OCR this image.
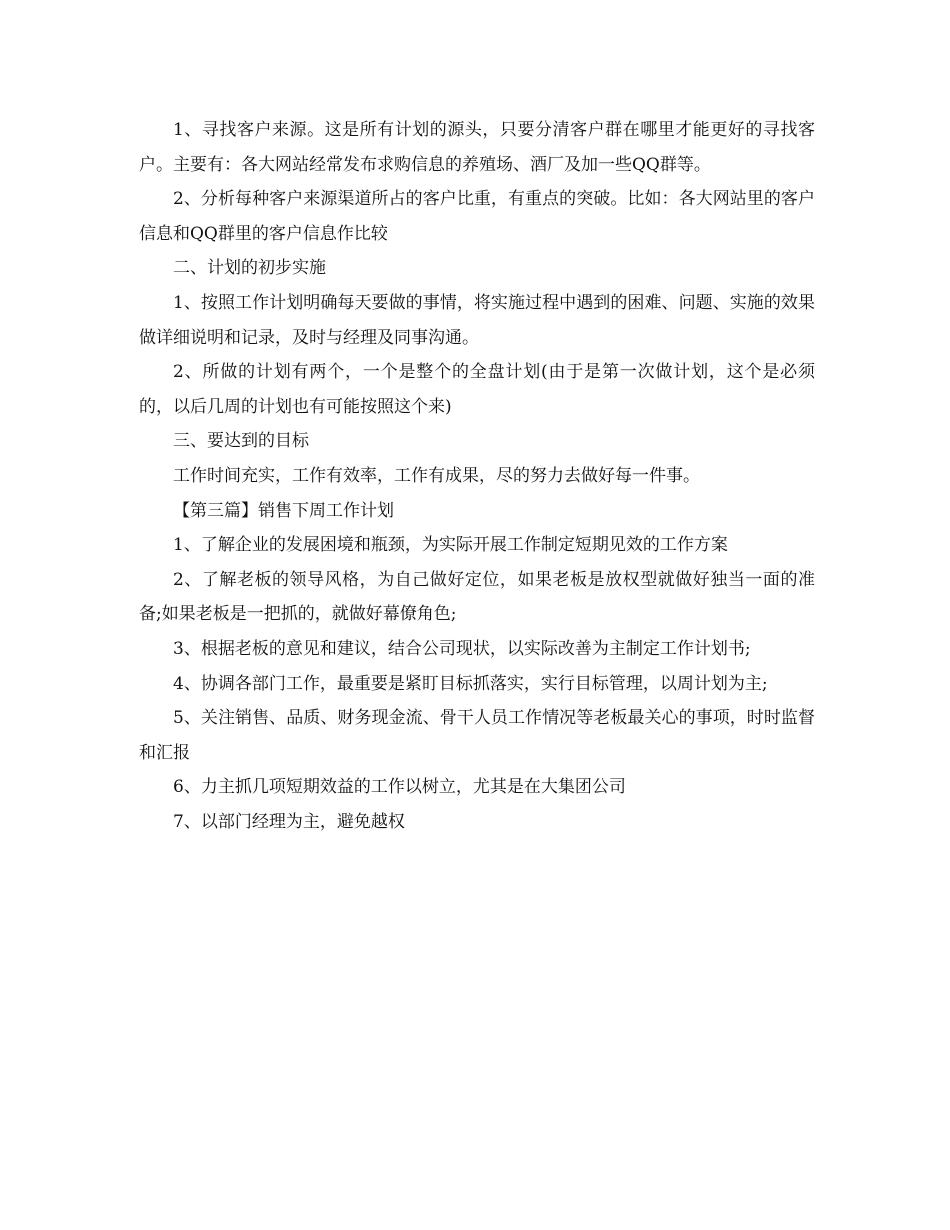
1、寻找客户来源。这是所有计划的源头，只要分清客户群在哪里才能更好的寻找客户。主要有：各大网站经常发布求购信息的养殖场、酒厂及加一些QQ群等。

2、分析每种客户来源渠道所占的客户比重，有重点的突破。比如：各大网站里的客户信息和QQ群里的客户信息作比较

二、计划的初步实施

1、按照工作计划明确每天要做的事情，将实施过程中遇到的困难、问题、实施的效果做详细说明和记录，及时与经理及同事沟通。

2、所做的计划有两个，一个是整个的全盘计划(由于是第一次做计划，这个是必须的，以后几周的计划也有可能按照这个来)

三、要达到的目标

工作时间充实，工作有效率，工作有成果，尽的努力去做好每一件事。

【第三篇】销售下周工作计划

1、了解企业的发展困境和瓶颈，为实际开展工作制定短期见效的工作方案

2、了解老板的领导风格，为自己做好定位，如果老板是放权型就做好独当一面的准备;如果老板是一把抓的，就做好幕僚角色;

3、根据老板的意见和建议，结合公司现状，以实际改善为主制定工作计划书;

4、协调各部门工作，最重要是紧盯目标抓落实，实行目标管理，以周计划为主;

5、关注销售、品质、财务现金流、骨干人员工作情况等老板最关心的事项，时时监督和汇报

6、力主抓几项短期效益的工作以树立，尤其是在大集团公司

7、以部门经理为主，避免越权
